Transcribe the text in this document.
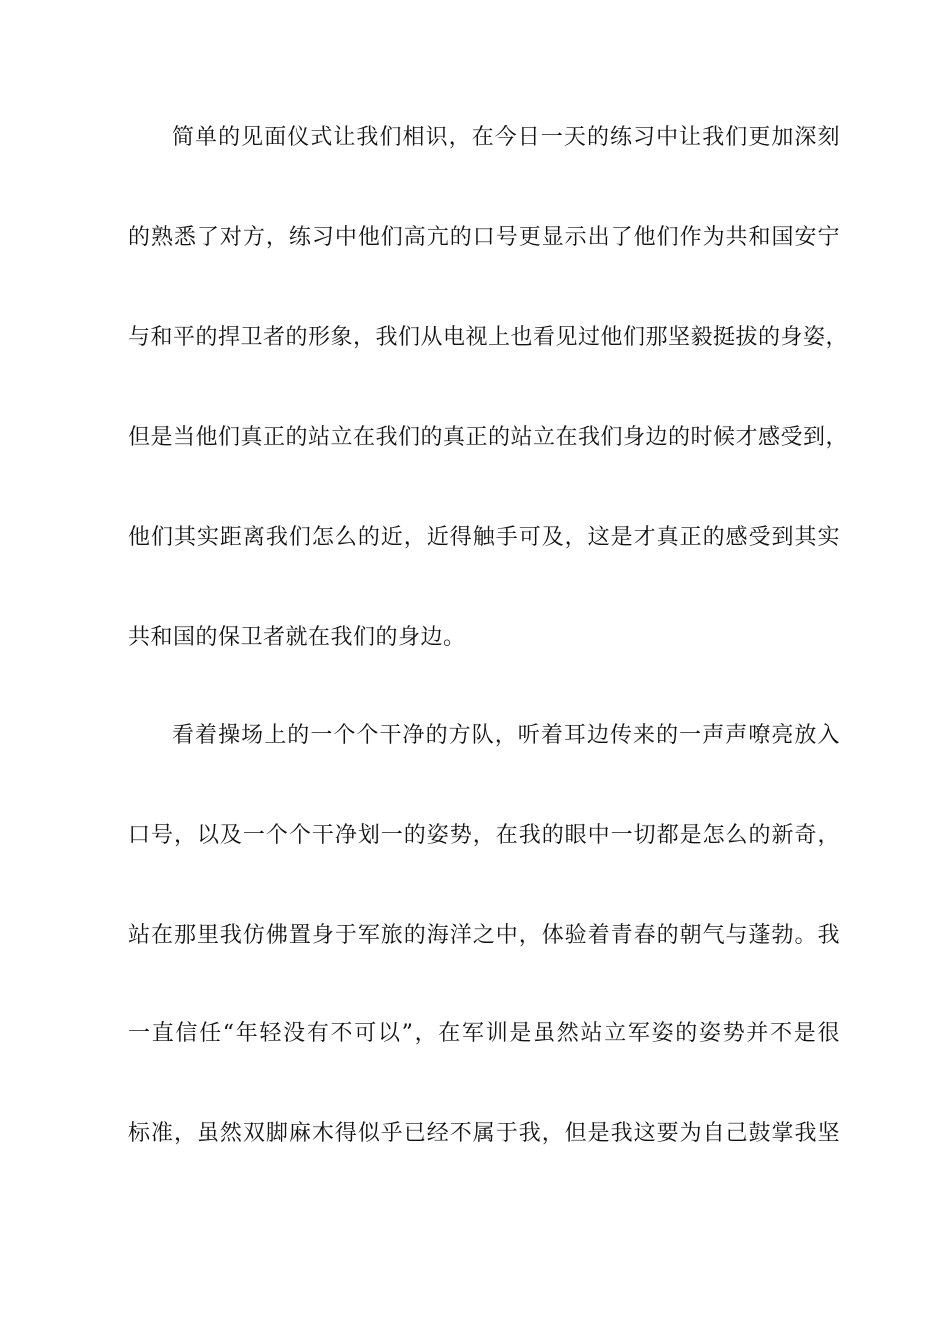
简单的见面仪式让我们相识，在今日一天的练习中让我们更加深刻
的熟悉了对方，练习中他们高亢的口号更显示出了他们作为共和国安宁
与和平的捍卫者的形象，我们从电视上也看见过他们那坚毅挺拔的身姿，
但是当他们真正的站立在我们的真正的站立在我们身边的时候才感受到，
他们其实距离我们怎么的近，近得触手可及，这是才真正的感受到其实
共和国的保卫者就在我们的身边。
看着操场上的一个个干净的方队，听着耳边传来的一声声嘹亮放入
口号，以及一个个干净划一的姿势，在我的眼中一切都是怎么的新奇，
站在那里我仿佛置身于军旅的海洋之中，体验着青春的朝气与蓬勃。我
一直信任“年轻没有不可以”，在军训是虽然站立军姿的姿势并不是很
标准，虽然双脚麻木得似乎已经不属于我，但是我这要为自己鼓掌我坚
